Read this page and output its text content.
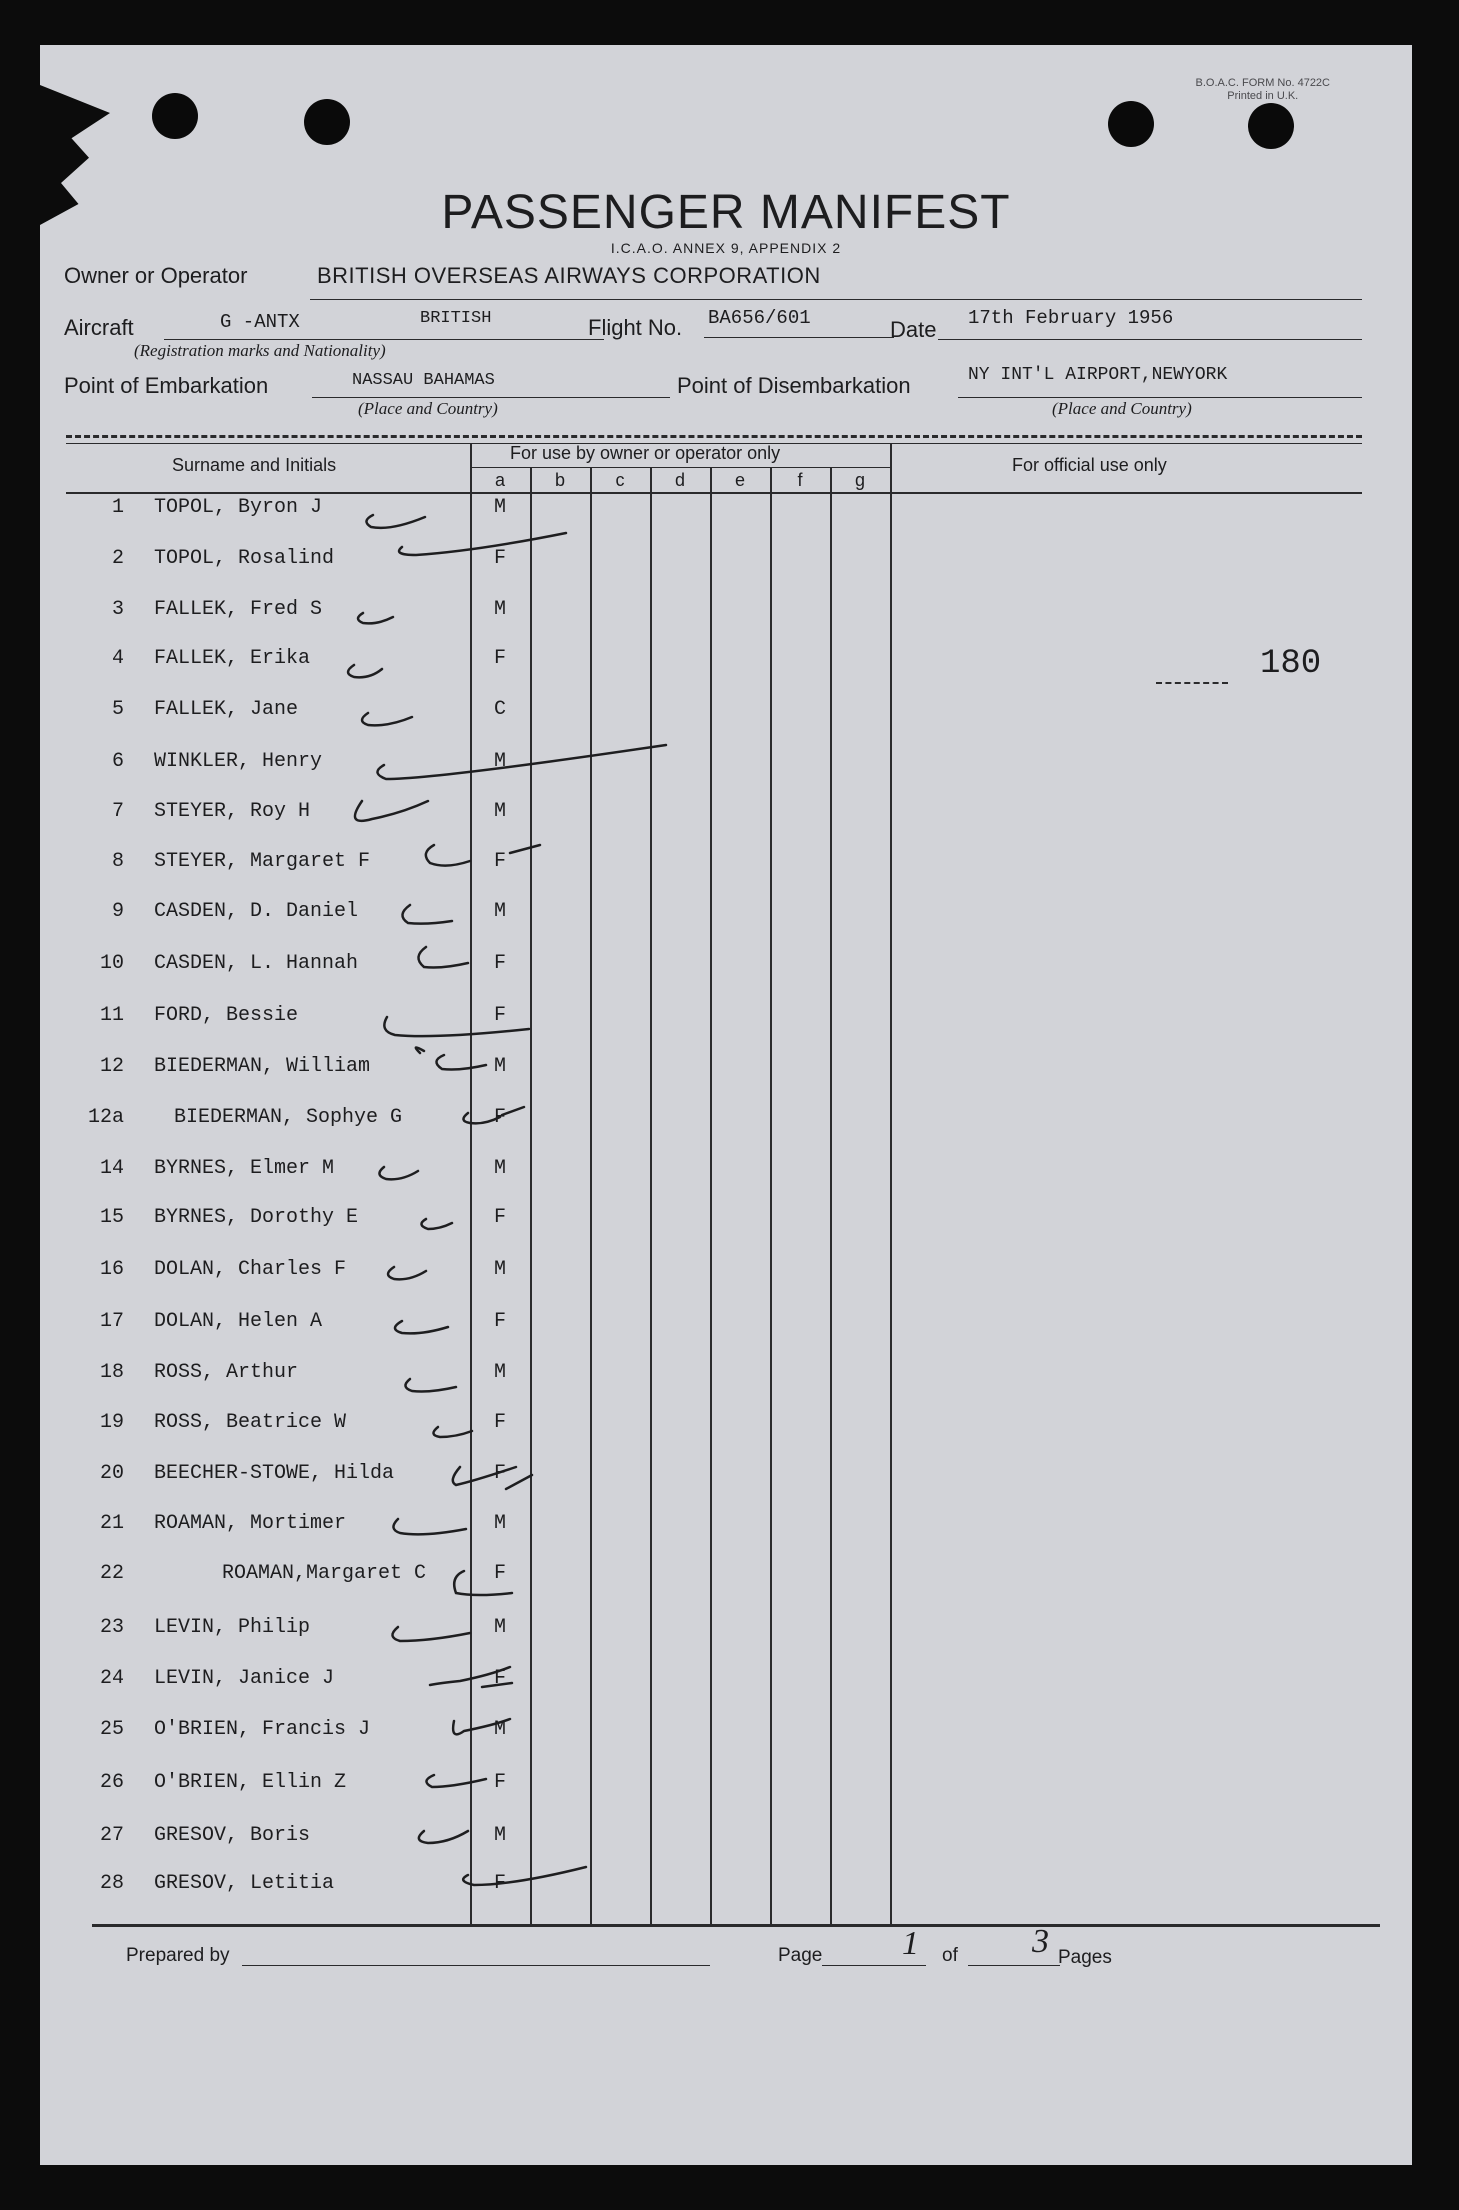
B.O.A.C. FORM No. 4722C
Printed in U.K.
PASSENGER MANIFEST
I.C.A.O. ANNEX 9, APPENDIX 2
Owner or Operator	BRITISH OVERSEAS AIRWAYS CORPORATION
Aircraft	G -ANTX	BRITISH
(Registration marks and Nationality)
Flight No. BA656/601	Date 17th February 1956
Point of Embarkation	NASSAU BAHAMAS
(Place and Country)
Point of Disembarkation	NY INT'L AIRPORT,NEWYORK
(Place and Country)
Surname and Initials
For use by owner or operator only
For official use only
a	b	c	d	e	f	g
1 TOPOL, Byron J	M
2 TOPOL, Rosalind	F
3 FALLEK, Fred S	M
4 FALLEK, Erika	F
5 FALLEK, Jane	C
6 WINKLER, Henry	M
7 STEYER, Roy H	M
8 STEYER, Margaret F	F
9 CASDEN, D. Daniel	M
10 CASDEN, L. Hannah	F
11 FORD, Bessie	F
12 BIEDERMAN, William	M
12a	BIEDERMAN, Sophye G	F
14 BYRNES, Elmer M	M
15 BYRNES, Dorothy E	F
16 DOLAN, Charles F	M
17 DOLAN, Helen A	F
18 ROSS, Arthur	M
19 ROSS, Beatrice W	F
20 BEECHER-STOWE, Hilda	F
21 ROAMAN, Mortimer	M
22	ROAMAN,Margaret C	F
23 LEVIN, Philip	M
24 LEVIN, Janice J	F
25 O'BRIEN, Francis J	M
26 O'BRIEN, Ellin Z	F
27 GRESOV, Boris	M
28 GRESOV, Letitia	F
180
Prepared by	Page 1 of 3 Pages
